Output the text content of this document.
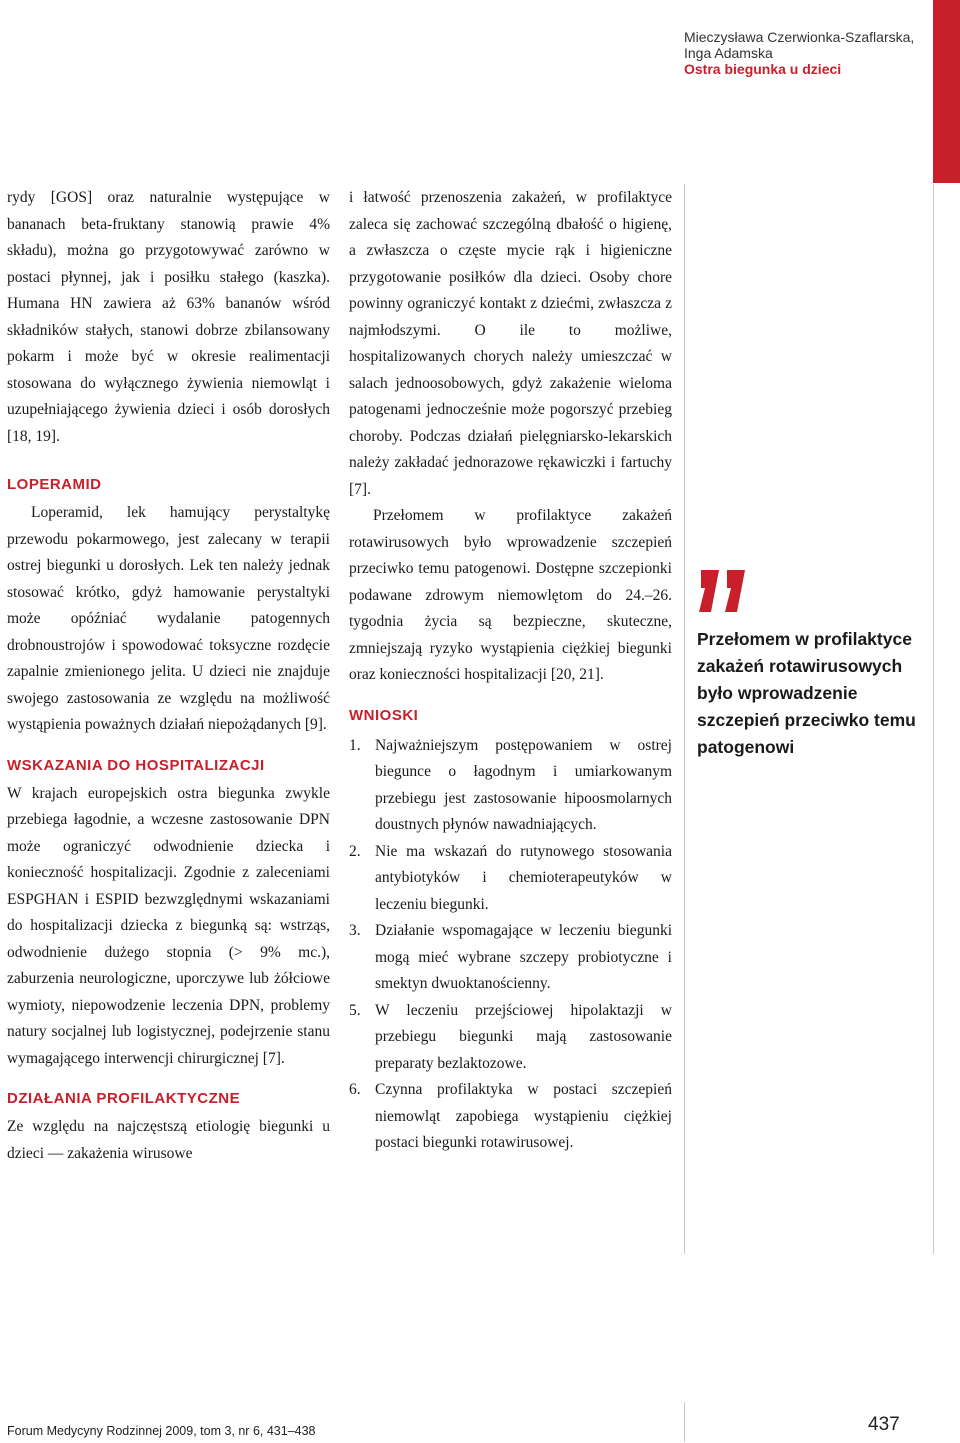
Mieczysława Czerwionka-Szaflarska,
Inga Adamska
Ostra biegunka u dzieci

rydy [GOS] oraz naturalnie występujące w bananach beta-fruktany stanowią prawie 4% składu), można go przygotowywać zarówno w postaci płynnej, jak i posiłku stałego (kaszka). Humana HN zawiera aż 63% bananów wśród składników stałych, stanowi dobrze zbilansowany pokarm i może być w okresie realimentacji stosowana do wyłącznego żywienia niemowląt i uzupełniającego żywienia dzieci i osób dorosłych [18, 19].

LOPERAMID

Loperamid, lek hamujący perystaltykę przewodu pokarmowego, jest zalecany w terapii ostrej biegunki u dorosłych. Lek ten należy jednak stosować krótko, gdyż hamowanie perystaltyki może opóźniać wydalanie patogennych drobnoustrojów i spowodować toksyczne rozdęcie zapalnie zmienionego jelita. U dzieci nie znajduje swojego zastosowania ze względu na możliwość wystąpienia poważnych działań niepożądanych [9].

WSKAZANIA DO HOSPITALIZACJI

W krajach europejskich ostra biegunka zwykle przebiega łagodnie, a wczesne zastosowanie DPN może ograniczyć odwodnienie dziecka i konieczność hospitalizacji. Zgodnie z zaleceniami ESPGHAN i ESPID bezwzględnymi wskazaniami do hospitalizacji dziecka z biegunką są: wstrząs, odwodnienie dużego stopnia (> 9% mc.), zaburzenia neurologiczne, uporczywe lub żółciowe wymioty, niepowodzenie leczenia DPN, problemy natury socjalnej lub logistycznej, podejrzenie stanu wymagającego interwencji chirurgicznej [7].

DZIAŁANIA PROFILAKTYCZNE

Ze względu na najczęstszą etiologię biegunki u dzieci — zakażenia wirusowe

i łatwość przenoszenia zakażeń, w profilaktyce zaleca się zachować szczególną dbałość o higienę, a zwłaszcza o częste mycie rąk i higieniczne przygotowanie posiłków dla dzieci. Osoby chore powinny ograniczyć kontakt z dziećmi, zwłaszcza z najmłodszymi. O ile to możliwe, hospitalizowanych chorych należy umieszczać w salach jednoosobowych, gdyż zakażenie wieloma patogenami jednocześnie może pogorszyć przebieg choroby. Podczas działań pielęgniarsko-lekarskich należy zakładać jednorazowe rękawiczki i fartuchy [7].

Przełomem w profilaktyce zakażeń rotawirusowych było wprowadzenie szczepień przeciwko temu patogenowi. Dostępne szczepionki podawane zdrowym niemowlętom do 24.–26. tygodnia życia są bezpieczne, skuteczne, zmniejszają ryzyko wystąpienia ciężkiej biegunki oraz konieczności hospitalizacji [20, 21].

WNIOSKI
1. Najważniejszym postępowaniem w ostrej biegunce o łagodnym i umiarkowanym przebiegu jest zastosowanie hipoosmolarnych doustnych płynów nawadniających.
2. Nie ma wskazań do rutynowego stosowania antybiotyków i chemioterapeutyków w leczeniu biegunki.
3. Działanie wspomagające w leczeniu biegunki mogą mieć wybrane szczepy probiotyczne i smektyn dwuoktanościenny.
5. W leczeniu przejściowej hipolaktazji w przebiegu biegunki mają zastosowanie preparaty bezlaktozowe.
6. Czynna profilaktyka w postaci szczepień niemowląt zapobiega wystąpieniu ciężkiej postaci biegunki rotawirusowej.
Przełomem w profilaktyce zakażeń rotawirusowych było wprowadzenie szczepień przeciwko temu patogenowi
Forum Medycyny Rodzinnej 2009, tom 3, nr 6, 431–438	437
